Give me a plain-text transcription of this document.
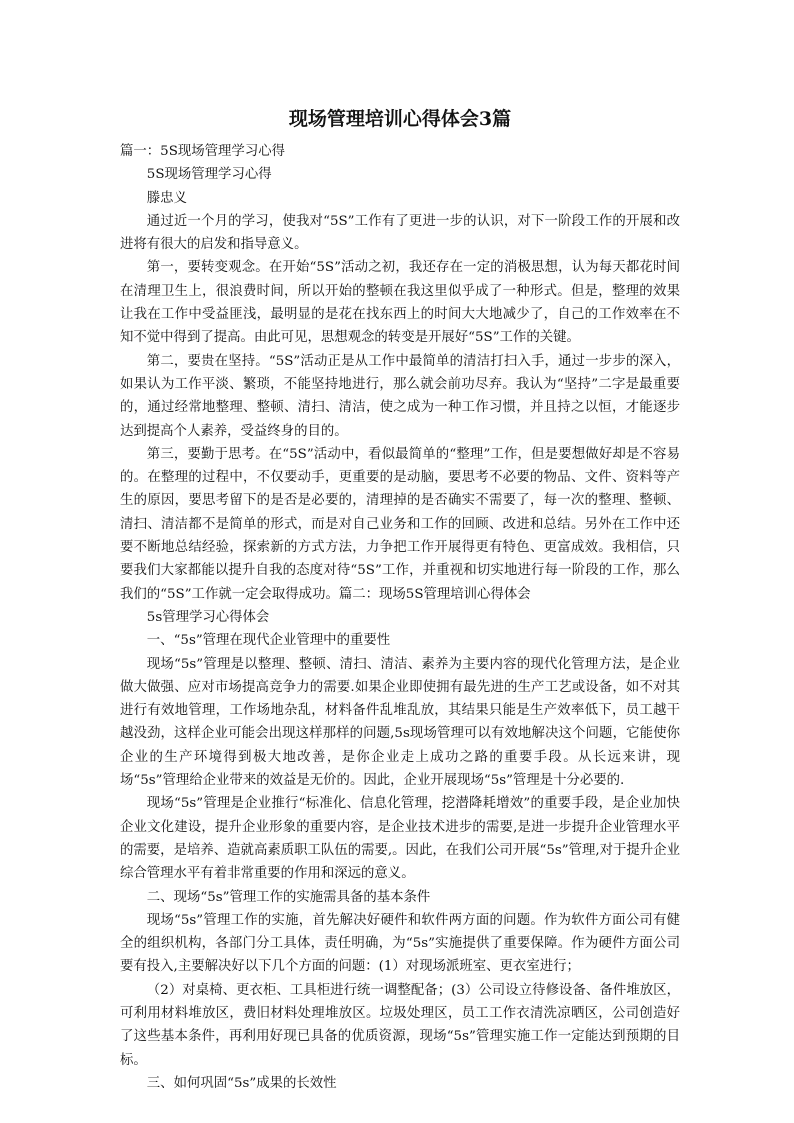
现场管理培训心得体会3篇

篇一：5S现场管理学习心得

5S现场管理学习心得

滕忠义

通过近一个月的学习，使我对“5S”工作有了更进一步的认识，对下一阶段工作的开展和改进将有很大的启发和指导意义。

第一，要转变观念。在开始“5S”活动之初，我还存在一定的消极思想，认为每天都花时间在清理卫生上，很浪费时间，所以开始的整顿在我这里似乎成了一种形式。但是，整理的效果让我在工作中受益匪浅，最明显的是花在找东西上的时间大大地减少了，自己的工作效率在不知不觉中得到了提高。由此可见，思想观念的转变是开展好“5S”工作的关键。

第二，要贵在坚持。“5S”活动正是从工作中最简单的清洁打扫入手，通过一步步的深入，如果认为工作平淡、繁琐，不能坚持地进行，那么就会前功尽弃。我认为“坚持”二字是最重要的，通过经常地整理、整顿、清扫、清洁，使之成为一种工作习惯，并且持之以恒，才能逐步达到提高个人素养，受益终身的目的。

第三，要勤于思考。在“5S”活动中，看似最简单的“整理”工作，但是要想做好却是不容易的。在整理的过程中，不仅要动手，更重要的是动脑，要思考不必要的物品、文件、资料等产生的原因，要思考留下的是否是必要的，清理掉的是否确实不需要了，每一次的整理、整顿、清扫、清洁都不是简单的形式，而是对自己业务和工作的回顾、改进和总结。另外在工作中还要不断地总结经验，探索新的方式方法，力争把工作开展得更有特色、更富成效。我相信，只要我们大家都能以提升自我的态度对待“5S”工作，并重视和切实地进行每一阶段的工作，那么我们的“5S”工作就一定会取得成功。篇二：现场5S管理培训心得体会

5s管理学习心得体会

一、“5s”管理在现代企业管理中的重要性

现场“5s”管理是以整理、整顿、清扫、清洁、素养为主要内容的现代化管理方法，是企业做大做强、应对市场提高竞争力的需要.如果企业即使拥有最先进的生产工艺或设备，如不对其进行有效地管理，工作场地杂乱，材料备件乱堆乱放，其结果只能是生产效率低下，员工越干越没劲，这样企业可能会出现这样那样的问题,5s现场管理可以有效地解决这个问题，它能使你企业的生产环境得到极大地改善，是你企业走上成功之路的重要手段。从长远来讲，现场“5s”管理给企业带来的效益是无价的。因此，企业开展现场“5s”管理是十分必要的.

现场“5s”管理是企业推行“标准化、信息化管理，挖潜降耗增效”的重要手段，是企业加快企业文化建设，提升企业形象的重要内容，是企业技术进步的需要,是进一步提升企业管理水平的需要，是培养、造就高素质职工队伍的需要,。因此，在我们公司开展“5s”管理,对于提升企业综合管理水平有着非常重要的作用和深远的意义。

二、现场“5s”管理工作的实施需具备的基本条件

现场“5s”管理工作的实施，首先解决好硬件和软件两方面的问题。作为软件方面公司有健全的组织机构，各部门分工具体，责任明确，为“5s”实施提供了重要保障。作为硬件方面公司要有投入,主要解决好以下几个方面的问题：(1）对现场派班室、更衣室进行；

（2）对桌椅、更衣柜、工具柜进行统一调整配备；(3）公司设立待修设备、备件堆放区，可利用材料堆放区，费旧材料处理堆放区。垃圾处理区，员工工作衣清洗凉晒区，公司创造好了这些基本条件，再利用好现已具备的优质资源，现场“5s”管理实施工作一定能达到预期的目标。

三、如何巩固“5s”成果的长效性
